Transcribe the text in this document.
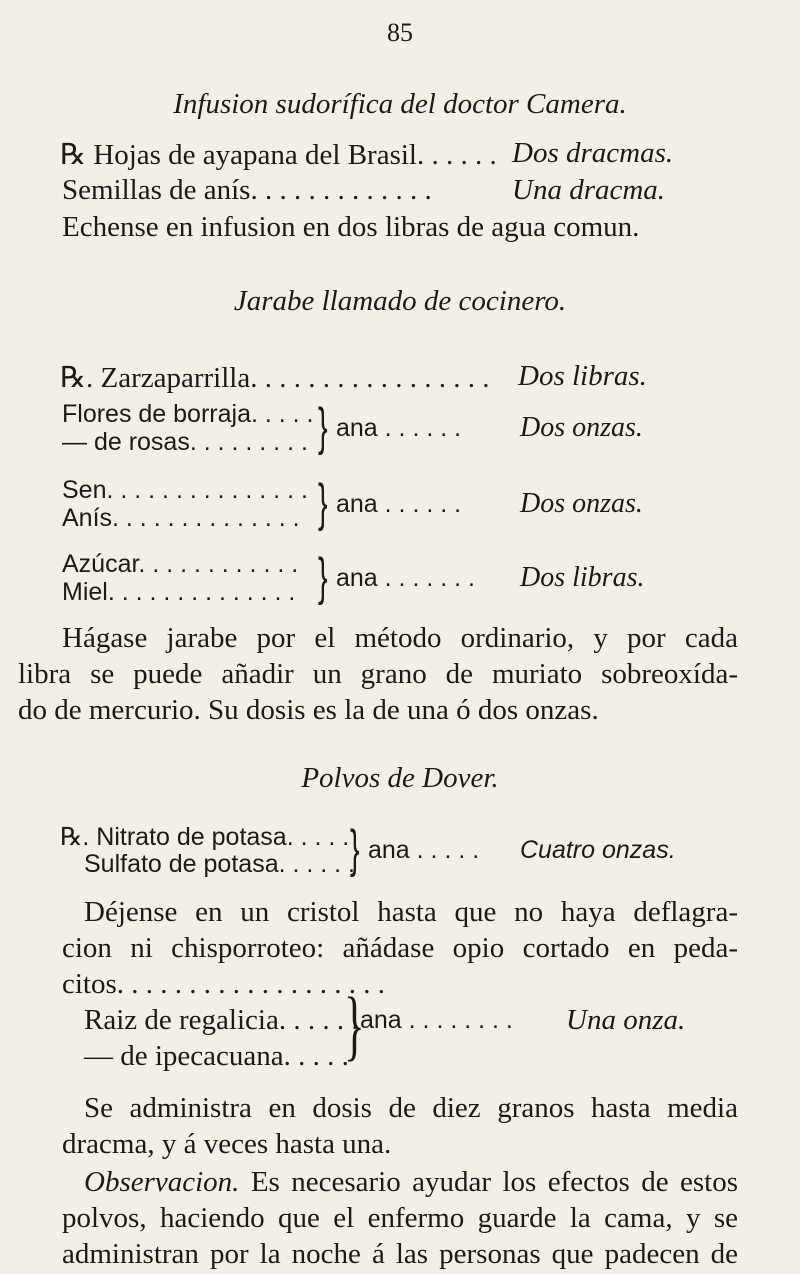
85
Infusion sudorífica del doctor Camera.
℞ Hojas de ayapana del Brasil. . . . . . Dos dracmas.
Semillas de anís. . . . . . . . . . . . .	Una dracma.
Echense en infusion en dos libras de agua comun.
Jarabe llamado de cocinero.
℞. Zarzaparrilla. . . . . . . . . . . . . . . . . Dos libras.
Flores de borraja. . . . .
— de rosas. . . . . . . . . } ana . . . . . . Dos onzas.
Sen. . . . . . . . . . . . . . .
Anís. . . . . . . . . . . . . . } ana . . . . . . Dos onzas.
Azúcar. . . . . . . . . . . .
Miel. . . . . . . . . . . . . . } ana . . . . . . . Dos libras.
Hágase jarabe por el método ordinario, y por cada
libra se puede añadir un grano de muriato sobreoxída-
do de mercurio. Su dosis es la de una ó dos onzas.
Polvos de Dover.
℞. Nitrato de potasa. . . . .
Sulfato de potasa. . . . . .
} ana . . . . . Cuatro onzas.
Déjense en un cristol hasta que no haya deflagra-
cion ni chisporroteo: añádase opio cortado en peda-
citos. . . . . . . . . . . . . . . . . . .
Raiz de regalicia. . . . . .
— de ipecacuana. . . . .
}
ana . . . . . . . . Una onza.
Se administra en dosis de diez granos hasta media
dracma, y á veces hasta una.
Observacion. Es necesario ayudar los efectos de estos
polvos, haciendo que el enfermo guarde la cama, y se
administran por la noche á las personas que padecen de
